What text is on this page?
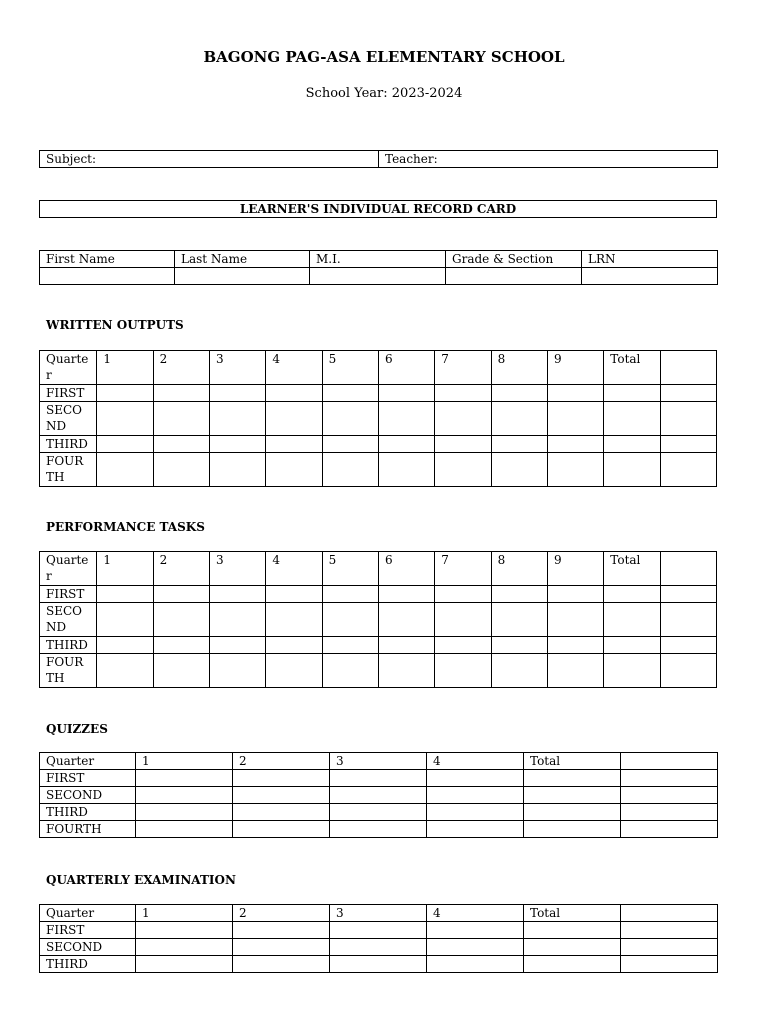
BAGONG PAG-ASA ELEMENTARY SCHOOL

School Year: 2023-2024

Subject:	Teacher:
LEARNER'S INDIVIDUAL RECORD CARD
First Name	Last Name	M.I.	Grade & Section	LRN

WRITTEN OUTPUTS

Quarter	1	2	3	4	5	6	7	8	9	Total	
FIRST											
SECOND											
THIRD											
FOURTH											

PERFORMANCE TASKS

Quarter	1	2	3	4	5	6	7	8	9	Total	
FIRST											
SECOND											
THIRD											
FOURTH											

QUIZZES

Quarter	1	2	3	4	Total	
FIRST						
SECOND						
THIRD						
FOURTH						

QUARTERLY EXAMINATION

Quarter	1	2	3	4	Total	
FIRST						
SECOND						
THIRD						
